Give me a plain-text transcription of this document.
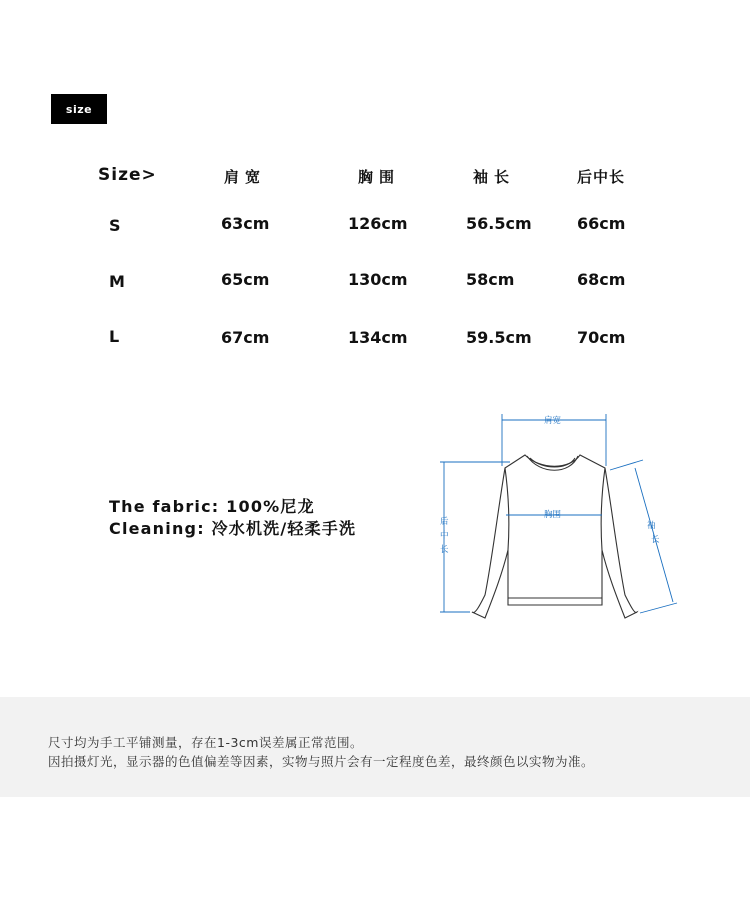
size
Size>	肩宽	胸围	袖长	后中长
S	63cm	126cm	56.5cm	66cm
M	65cm	130cm	58cm	68cm
L	67cm	134cm	59.5cm	70cm
The fabric: 100%尼龙
Cleaning: 冷水机洗/轻柔手洗
肩宽
胸围
后 中 长
袖 长

尺寸均为手工平铺测量，存在1-3cm误差属正常范围。

因拍摄灯光，显示器的色值偏差等因素，实物与照片会有一定程度色差，最终颜色以实物为准。
